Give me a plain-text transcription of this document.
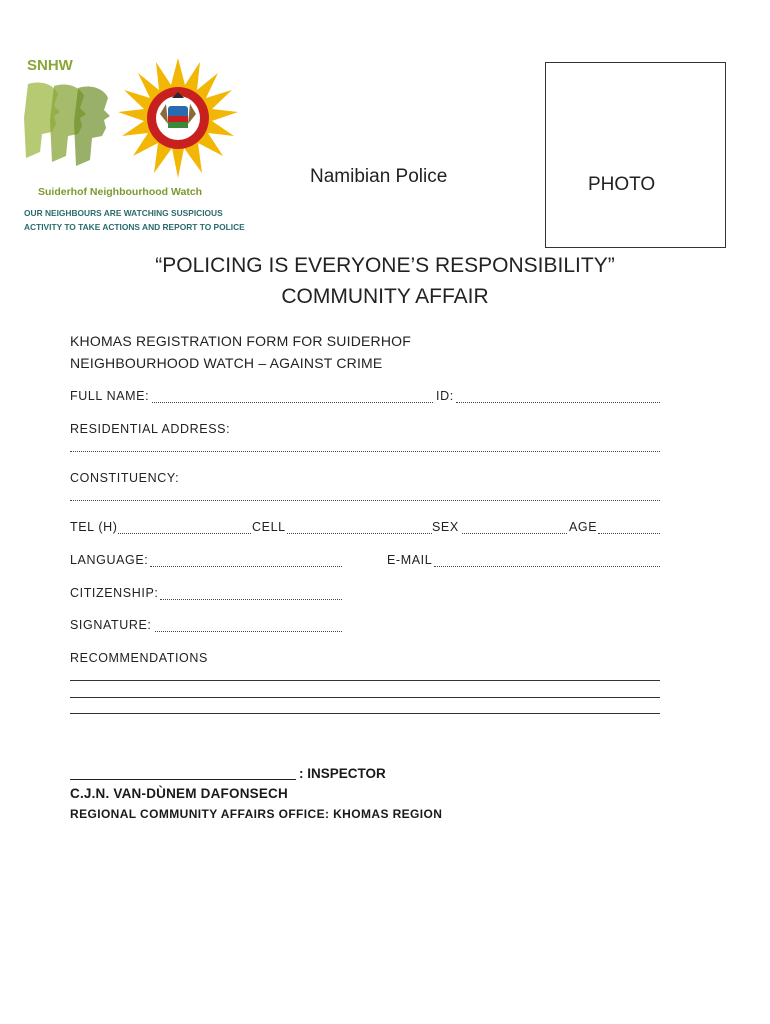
SNHW
Suiderhof Neighbourhood Watch
OUR NEIGHBOURS ARE WATCHING SUSPICIOUS
ACTIVITY TO TAKE ACTIONS AND REPORT TO POLICE
Namibian Police	PHOTO
“POLICING IS EVERYONE’S RESPONSIBILITY”
COMMUNITY AFFAIR
KHOMAS REGISTRATION FORM FOR SUIDERHOF
NEIGHBOURHOOD WATCH – AGAINST CRIME
FULL NAME:	ID:
RESIDENTIAL ADDRESS:
CONSTITUENCY:
TEL (H)	CELL	SEX	AGE
LANGUAGE:	E-MAIL
CITIZENSHIP:
SIGNATURE:
RECOMMENDATIONS
: INSPECTOR
C.J.N. VAN-DÙNEM DAFONSECH
REGIONAL COMMUNITY AFFAIRS OFFICE: KHOMAS REGION
